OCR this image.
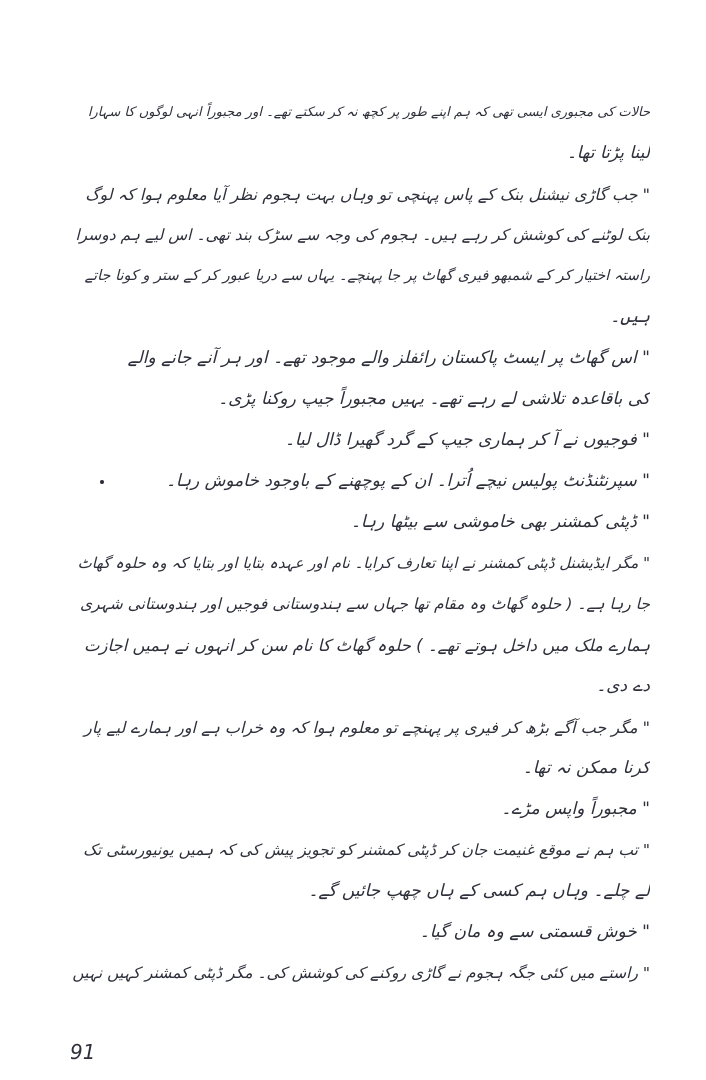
حالات کی مجبوری ایسی تھی کہ ہم اپنے طور پر کچھ نہ کر سکتے تھے۔ اور مجبوراً انہی لوگوں کا سہارا
لینا پڑتا تھا۔
" جب گاڑی نیشنل بنک کے پاس پہنچی تو وہاں بہت ہجوم نظر آیا معلوم ہوا کہ لوگ
بنک لوٹنے کی کوشش کر رہے ہیں۔ ہجوم کی وجہ سے سڑک بند تھی۔ اس لیے ہم دوسرا
راستہ اختیار کر کے شمبھو فیری گھاٹ پر جا پہنچے۔ یہاں سے دریا عبور کر کے ستر و کونا جاتے
ہیں۔
" اس گھاٹ پر ایسٹ پاکستان رائفلز والے موجود تھے۔ اور ہر آنے جانے والے
کی باقاعدہ تلاشی لے رہے تھے۔ یہیں مجبوراً جیپ روکنا پڑی۔
" فوجیوں نے آ کر ہماری جیپ کے گرد گھیرا ڈال لیا۔
" سپرنٹنڈنٹ پولیس نیچے اُترا۔ ان کے پوچھنے کے باوجود خاموش رہا۔
" ڈپٹی کمشنر بھی خاموشی سے بیٹھا رہا۔
" مگر ایڈیشنل ڈپٹی کمشنر نے اپنا تعارف کرایا۔ نام اور عہدہ بتایا اور بتایا کہ وہ حلوہ گھاٹ
جا رہا ہے۔ ( حلوہ گھاٹ وہ مقام تھا جہاں سے ہندوستانی فوجیں اور ہندوستانی شہری
ہمارے ملک میں داخل ہوتے تھے۔ ) حلوہ گھاٹ کا نام سن کر انہوں نے ہمیں اجازت
دے دی۔
" مگر جب آگے بڑھ کر فیری پر پہنچے تو معلوم ہوا کہ وہ خراب ہے اور ہمارے لیے پار
کرنا ممکن نہ تھا۔
" مجبوراً واپس مڑے۔
" تب ہم نے موقع غنیمت جان کر ڈپٹی کمشنر کو تجویز پیش کی کہ ہمیں یونیورسٹی تک
لے چلے۔ وہاں ہم کسی کے ہاں چھپ جائیں گے۔
" خوش قسمتی سے وہ مان گیا۔
" راستے میں کئی جگہ ہجوم نے گاڑی روکنے کی کوشش کی۔ مگر ڈپٹی کمشنر کہیں نہیں
91
